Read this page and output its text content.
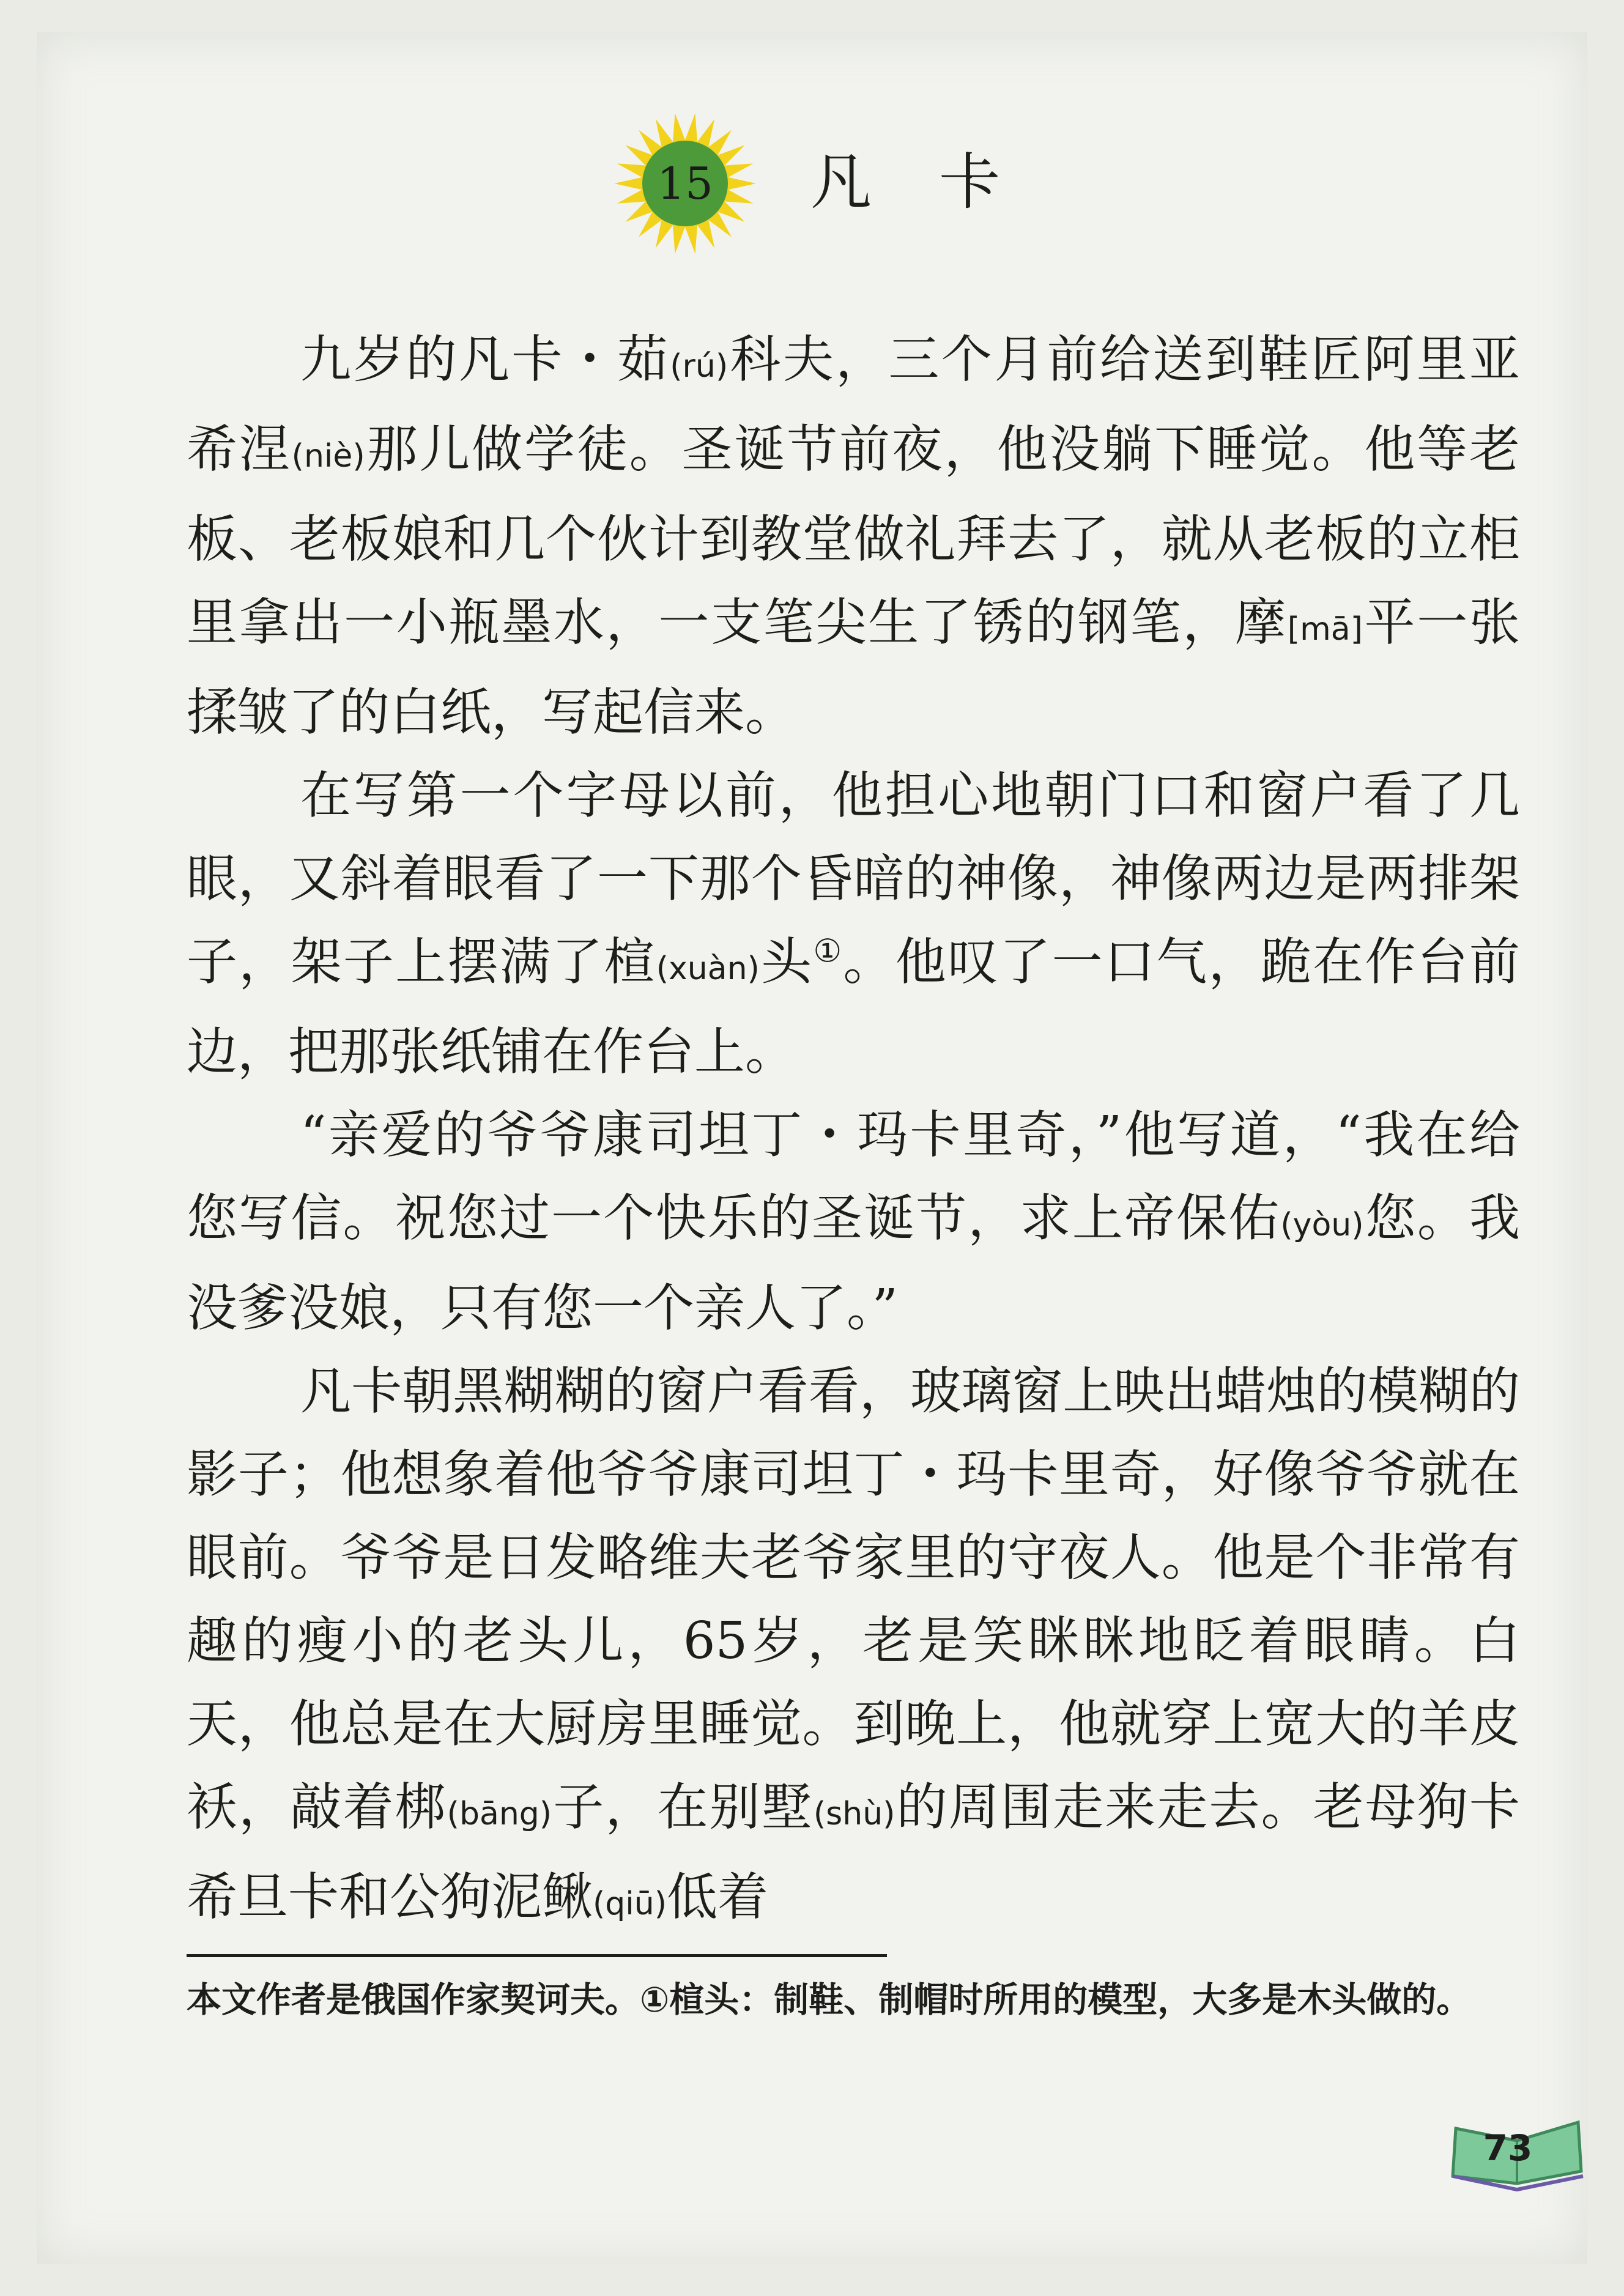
15 凡卡

九岁的凡卡・茹(rú)科夫，三个月前给送到鞋匠阿里亚希涅(niè)那儿做学徒。圣诞节前夜，他没躺下睡觉。他等老板、老板娘和几个伙计到教堂做礼拜去了，就从老板的立柜里拿出一小瓶墨水，一支笔尖生了锈的钢笔，摩[mā]平一张揉皱了的白纸，写起信来。

在写第一个字母以前，他担心地朝门口和窗户看了几眼，又斜着眼看了一下那个昏暗的神像，神像两边是两排架子，架子上摆满了楦(xuàn)头①。他叹了一口气，跪在作台前边，把那张纸铺在作台上。

“亲爱的爷爷康司坦丁・玛卡里奇，”他写道，“我在给您写信。祝您过一个快乐的圣诞节，求上帝保佑(yòu)您。我没爹没娘，只有您一个亲人了。”

凡卡朝黑糊糊的窗户看看，玻璃窗上映出蜡烛的模糊的影子；他想象着他爷爷康司坦丁・玛卡里奇，好像爷爷就在眼前。爷爷是日发略维夫老爷家里的守夜人。他是个非常有趣的瘦小的老头儿，65岁，老是笑眯眯地眨着眼睛。白天，他总是在大厨房里睡觉。到晚上，他就穿上宽大的羊皮袄，敲着梆(bāng)子，在别墅(shù)的周围走来走去。老母狗卡希旦卡和公狗泥鳅(qiū)低着

本文作者是俄国作家契诃夫。①楦头：制鞋、制帽时所用的模型，大多是木头做的。
73
